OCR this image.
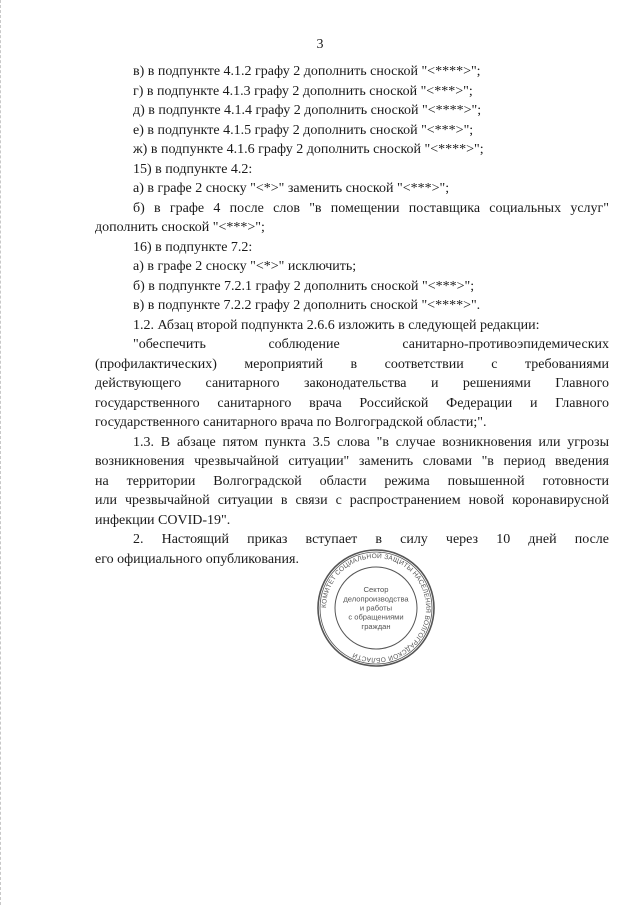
3
в) в подпункте 4.1.2 графу 2 дополнить сноской "<****>";
г) в подпункте 4.1.3 графу 2 дополнить сноской "<***>";
д) в подпункте 4.1.4 графу 2 дополнить сноской "<****>";
е) в подпункте 4.1.5 графу 2 дополнить сноской "<***>";
ж) в подпункте 4.1.6 графу 2 дополнить сноской "<****>";
15) в подпункте 4.2:
а) в графе 2 сноску "<*>" заменить сноской "<***>";
б) в графе 4 после слов "в помещении поставщика социальных услуг"
дополнить сноской "<***>";
16) в подпункте 7.2:
а) в графе 2 сноску "<*>" исключить;
б) в подпункте 7.2.1 графу 2 дополнить сноской "<***>";
в) в подпункте 7.2.2 графу 2 дополнить сноской "<****>".
1.2. Абзац второй подпункта 2.6.6 изложить в следующей редакции:
"обеспечить соблюдение санитарно-противоэпидемических
(профилактических) мероприятий в соответствии с требованиями
действующего санитарного законодательства и решениями Главного
государственного санитарного врача Российской Федерации и Главного
государственного санитарного врача по Волгоградской области;".
1.3. В абзаце пятом пункта 3.5 слова "в случае возникновения или угрозы
возникновения чрезвычайной ситуации" заменить словами "в период введения
на территории Волгоградской области режима повышенной готовности
или чрезвычайной ситуации в связи с распространением новой коронавирусной
инфекции COVID-19".
2. Настоящий приказ вступает в силу через 10 дней после
его официального опубликования.
КОМИТЕТ СОЦИАЛЬНОЙ ЗАЩИТЫ НАСЕЛЕНИЯ ВОЛГОГРАДСКОЙ ОБЛАСТИ
Сектор
делопроизводства
и работы
с обращениями
граждан
